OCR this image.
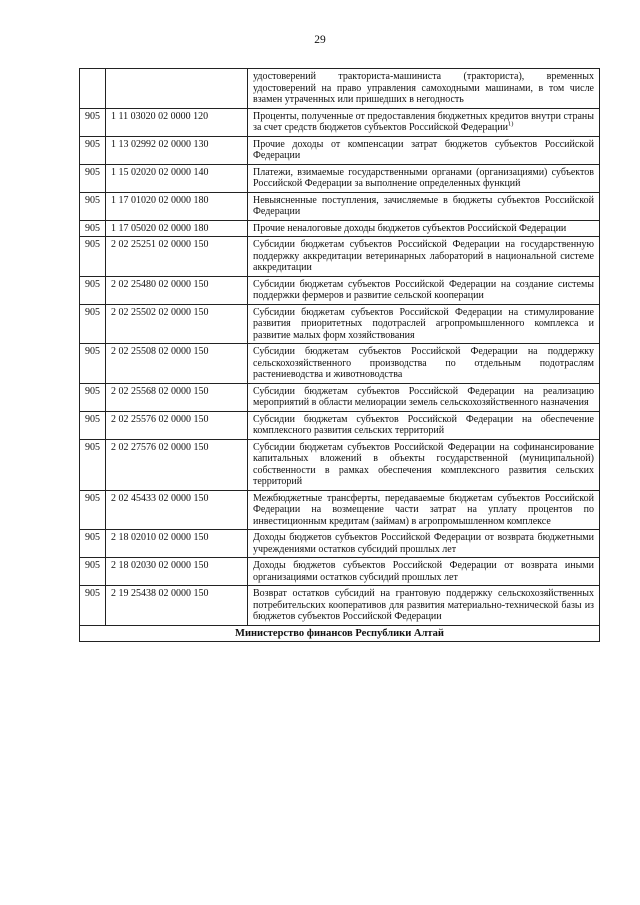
29
		удостоверений тракториста-машиниста (тракториста), временных удостоверений на право управления самоходными машинами, в том числе взамен утраченных или пришедших в негодность
905	1 11 03020 02 0000 120	Проценты, полученные от предоставления бюджетных кредитов внутри страны за счет средств бюджетов субъектов Российской Федерации$^{1)}$
905	1 13 02992 02 0000 130	Прочие доходы от компенсации затрат бюджетов субъектов Российской Федерации
905	1 15 02020 02 0000 140	Платежи, взимаемые государственными органами (организациями) субъектов Российской Федерации за выполнение определенных функций
905	1 17 01020 02 0000 180	Невыясненные поступления, зачисляемые в бюджеты субъектов Российской Федерации
905	1 17 05020 02 0000 180	Прочие неналоговые доходы бюджетов субъектов Российской Федерации
905	2 02 25251 02 0000 150	Субсидии бюджетам субъектов Российской Федерации на государственную поддержку аккредитации ветеринарных лабораторий в национальной системе аккредитации
905	2 02 25480 02 0000 150	Субсидии бюджетам субъектов Российской Федерации на создание системы поддержки фермеров и развитие сельской кооперации
905	2 02 25502 02 0000 150	Субсидии бюджетам субъектов Российской Федерации на стимулирование развития приоритетных подотраслей агропромышленного комплекса и развитие малых форм хозяйствования
905	2 02 25508 02 0000 150	Субсидии бюджетам субъектов Российской Федерации на поддержку сельскохозяйственного производства по отдельным подотраслям растениеводства и животноводства
905	2 02 25568 02 0000 150	Субсидии бюджетам субъектов Российской Федерации на реализацию мероприятий в области мелиорации земель сельскохозяйственного назначения
905	2 02 25576 02 0000 150	Субсидии бюджетам субъектов Российской Федерации на обеспечение комплексного развития сельских территорий
905	2 02 27576 02 0000 150	Субсидии бюджетам субъектов Российской Федерации на софинансирование капитальных вложений в объекты государственной (муниципальной) собственности в рамках обеспечения комплексного развития сельских территорий
905	2 02 45433 02 0000 150	Межбюджетные трансферты, передаваемые бюджетам субъектов Российской Федерации на возмещение части затрат на уплату процентов по инвестиционным кредитам (займам) в агропромышленном комплексе
905	2 18 02010 02 0000 150	Доходы бюджетов субъектов Российской Федерации от возврата бюджетными учреждениями остатков субсидий прошлых лет
905	2 18 02030 02 0000 150	Доходы бюджетов субъектов Российской Федерации от возврата иными организациями остатков субсидий прошлых лет
905	2 19 25438 02 0000 150	Возврат остатков субсидий на грантовую поддержку сельскохозяйственных потребительских кооперативов для развития материально-технической базы из бюджетов субъектов Российской Федерации
Министерство финансов Республики Алтай		
